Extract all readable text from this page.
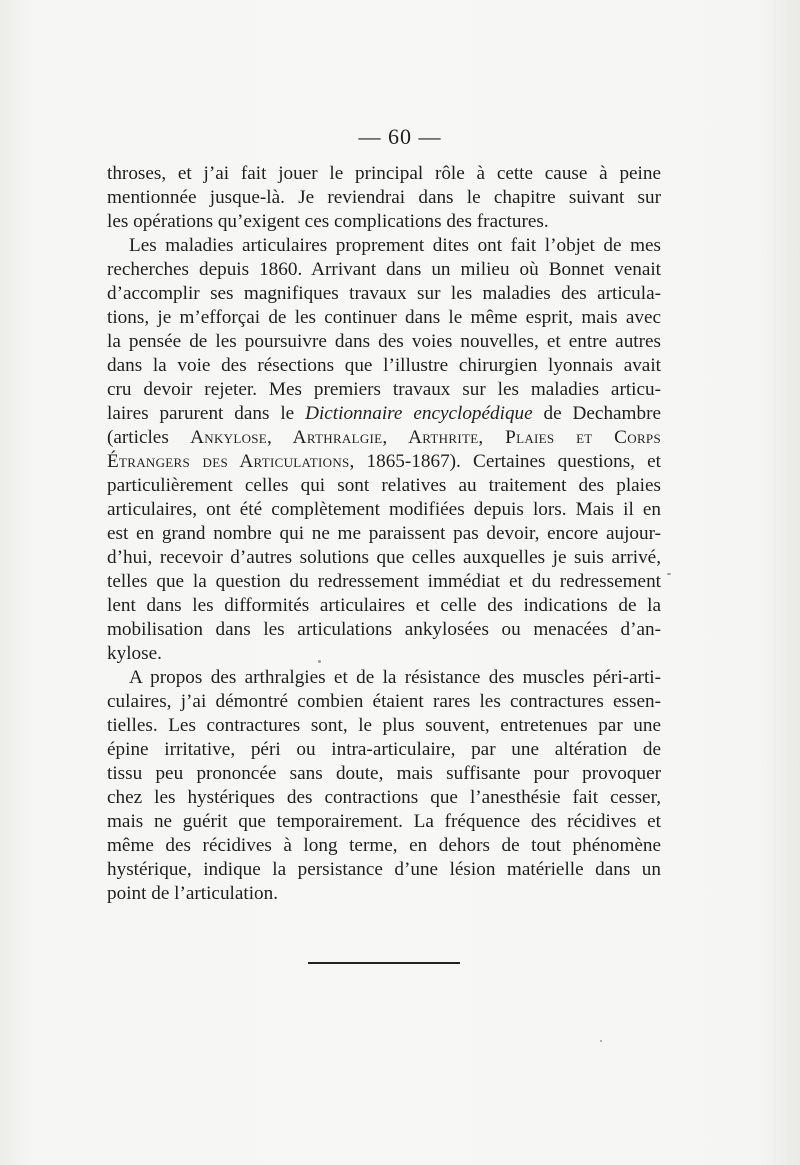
— 60 —
throses, et j’ai fait jouer le principal rôle à cette cause à peine
mentionnée jusque-là. Je reviendrai dans le chapitre suivant sur
les opérations qu’exigent ces complications des fractures.
Les maladies articulaires proprement dites ont fait l’objet de mes
recherches depuis 1860. Arrivant dans un milieu où Bonnet venait
d’accomplir ses magnifiques travaux sur les maladies des articula-
tions, je m’efforçai de les continuer dans le même esprit, mais avec
la pensée de les poursuivre dans des voies nouvelles, et entre autres
dans la voie des résections que l’illustre chirurgien lyonnais avait
cru devoir rejeter. Mes premiers travaux sur les maladies articu-
laires parurent dans le Dictionnaire encyclopédique de Dechambre
(articles Ankylose, Arthralgie, Arthrite, Plaies et Corps
Étrangers des Articulations, 1865-1867). Certaines questions, et
particulièrement celles qui sont relatives au traitement des plaies
articulaires, ont été complètement modifiées depuis lors. Mais il en
est en grand nombre qui ne me paraissent pas devoir, encore aujour-
d’hui, recevoir d’autres solutions que celles auxquelles je suis arrivé,
telles que la question du redressement immédiat et du redressement
lent dans les difformités articulaires et celle des indications de la
mobilisation dans les articulations ankylosées ou menacées d’an-
kylose.
A propos des arthralgies et de la résistance des muscles péri-arti-
culaires, j’ai démontré combien étaient rares les contractures essen-
tielles. Les contractures sont, le plus souvent, entretenues par une
épine irritative, péri ou intra-articulaire, par une altération de
tissu peu prononcée sans doute, mais suffisante pour provoquer
chez les hystériques des contractions que l’anesthésie fait cesser,
mais ne guérit que temporairement. La fréquence des récidives et
même des récidives à long terme, en dehors de tout phénomène
hystérique, indique la persistance d’une lésion matérielle dans un
point de l’articulation.
